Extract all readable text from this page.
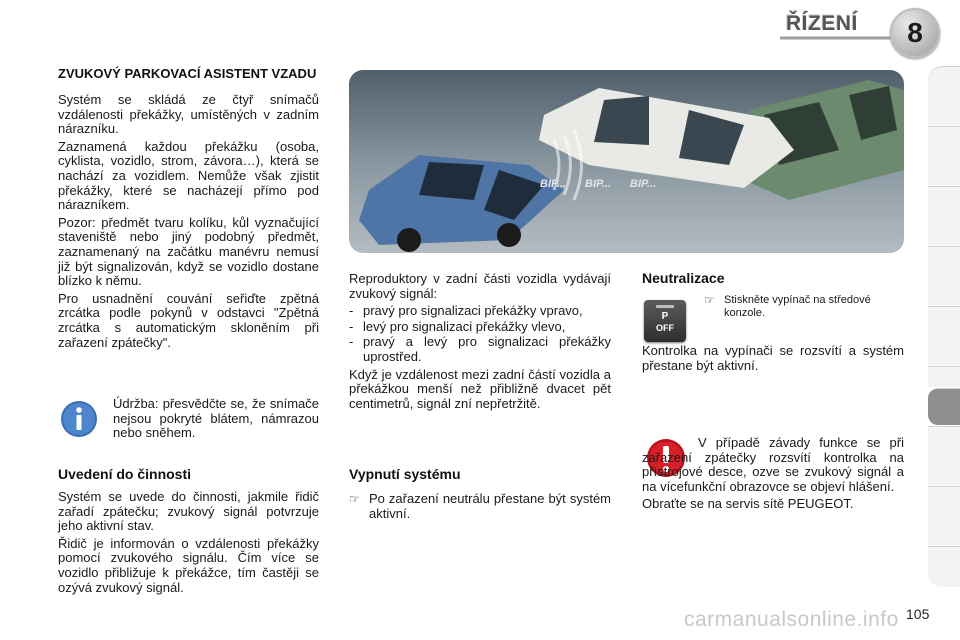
ŘÍZENÍ	8

ZVUKOVÝ PARKOVACÍ ASISTENT VZADU

Systém se skládá ze čtyř snímačů vzdálenosti překážky, umístěných v zadním nárazníku.

Zaznamená každou překážku (osoba, cyklista, vozidlo, strom, závora…), která se nachází za vozidlem. Nemůže však zjistit překážky, které se nacházejí přímo pod nárazníkem.

Pozor: předmět tvaru kolíku, kůl vyznačující staveniště nebo jiný podobný předmět, zaznamenaný na začátku manévru nemusí již být signalizován, když se vozidlo dostane blízko k němu.

Pro usnadnění couvání seřiďte zpětná zrcátka podle pokynů v odstavci "Zpětná zrcátka s automatickým skloněním při zařazení zpátečky".

Údržba: přesvědčte se, že snímače nejsou pokryté blátem, námrazou nebo sněhem.

Uvedení do činnosti

Systém se uvede do činnosti, jakmile řidič zařadí zpátečku; zvukový signál potvrzuje jeho aktivní stav.

Řidič je informován o vzdálenosti překážky pomocí zvukového signálu. Čím více se vozidlo přibližuje k překážce, tím častěji se ozývá zvukový signál.

BIP... BIP... BIP...

Reproduktory v zadní části vozidla vydávají zvukový signál:

- pravý pro signalizaci překážky vpravo,
- levý pro signalizaci překážky vlevo,
- pravý a levý pro signalizaci překážky uprostřed.

Když je vzdálenost mezi zadní částí vozidla a překážkou menší než přibližně dvacet pět centimetrů, signál zní nepřetržitě.

Vypnutí systému

☞ Po zařazení neutrálu přestane být systém aktivní.

Neutralizace

P
OFF
☞ Stiskněte vypínač na středové konzole.
Kontrolka na vypínači se rozsvítí a systém přestane být aktivní.

V případě závady funkce se při zařazení zpátečky rozsvítí kontrolka na přístrojové desce, ozve se zvukový signál a na vícefunkční obrazovce se objeví hlášení.

Obraťte se na servis sítě PEUGEOT.

105
carmanualsonline.info
